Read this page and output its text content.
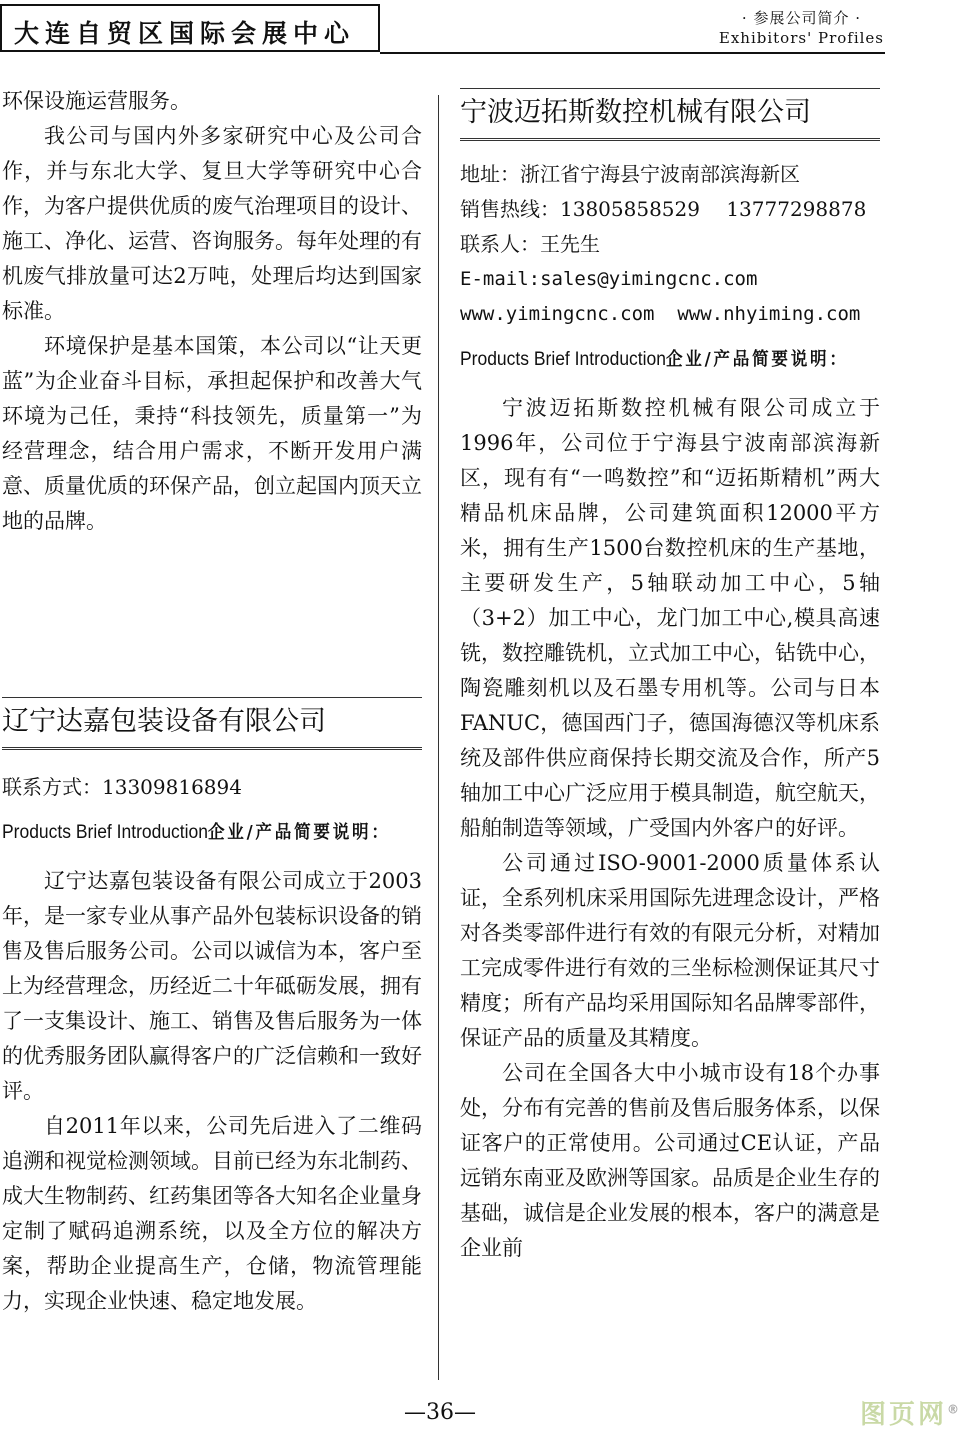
大连自贸区国际会展中心
· 参展公司简介 ·
Exhibitors' Profiles

环保设施运营服务。

我公司与国内外多家研究中心及公司合作，并与东北大学、复旦大学等研究中心合作，为客户提供优质的废气治理项目的设计、施工、净化、运营、咨询服务。每年处理的有机废气排放量可达2万吨，处理后均达到国家标准。

环境保护是基本国策，本公司以“让天更蓝”为企业奋斗目标，承担起保护和改善大气环境为己任，秉持“科技领先，质量第一”为经营理念，结合用户需求，不断开发用户满意、质量优质的环保产品，创立起国内顶天立地的品牌。

辽宁达嘉包装设备有限公司
联系方式：13309816894
Products Brief Introduction企业/产品简要说明：

辽宁达嘉包装设备有限公司成立于2003年，是一家专业从事产品外包装标识设备的销售及售后服务公司。公司以诚信为本，客户至上为经营理念，历经近二十年砥砺发展，拥有了一支集设计、施工、销售及售后服务为一体的优秀服务团队赢得客户的广泛信赖和一致好评。

自2011年以来，公司先后进入了二维码追溯和视觉检测领域。目前已经为东北制药、成大生物制药、红药集团等各大知名企业量身定制了赋码追溯系统，以及全方位的解决方案，帮助企业提高生产，仓储，物流管理能力，实现企业快速、稳定地发展。

宁波迈拓斯数控机械有限公司
地址：浙江省宁海县宁波南部滨海新区
销售热线：13805858529　 13777298878
联系人：王先生
E-mail:sales@yimingcnc.com
www.yimingcnc.com  www.nhyiming.com
Products Brief Introduction企业/产品简要说明：

宁波迈拓斯数控机械有限公司成立于1996年，公司位于宁海县宁波南部滨海新区，现有有“一鸣数控”和“迈拓斯精机”两大精品机床品牌，公司建筑面积12000平方米，拥有生产1500台数控机床的生产基地，主要研发生产，5轴联动加工中心，5轴（3+2）加工中心，龙门加工中心,模具高速铣，数控雕铣机，立式加工中心，钻铣中心，陶瓷雕刻机以及石墨专用机等。公司与日本FANUC，德国西门子，德国海德汉等机床系统及部件供应商保持长期交流及合作，所产5轴加工中心广泛应用于模具制造，航空航天，船舶制造等领域，广受国内外客户的好评。

公司通过ISO-9001-2000质量体系认证，全系列机床采用国际先进理念设计，严格对各类零部件进行有效的有限元分析，对精加工完成零件进行有效的三坐标检测保证其尺寸精度；所有产品均采用国际知名品牌零部件，保证产品的质量及其精度。

公司在全国各大中小城市设有18个办事处，分布有完善的售前及售后服务体系，以保证客户的正常使用。公司通过CE认证，产品远销东南亚及欧洲等国家。品质是企业生存的基础，诚信是企业发展的根本，客户的满意是企业前

—36—	图页网®
